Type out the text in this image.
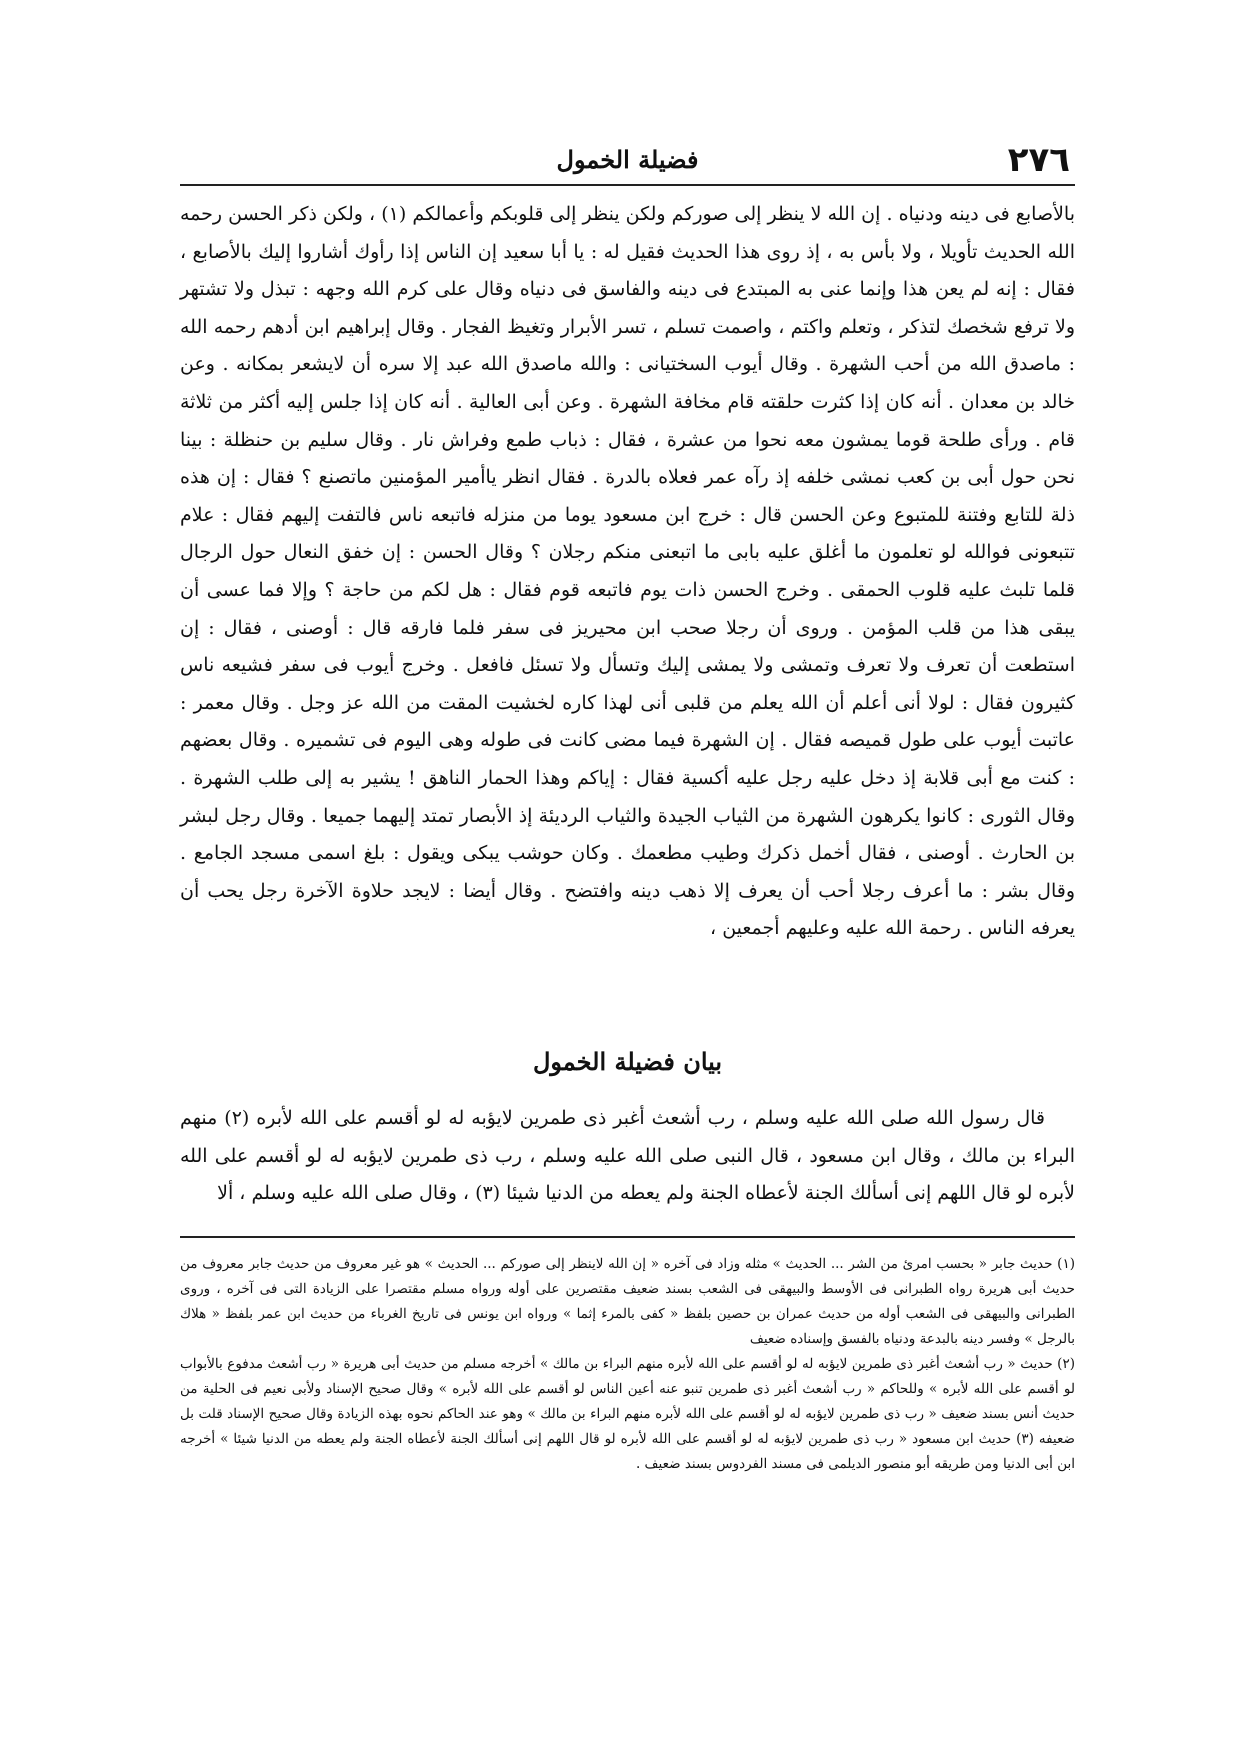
٢٧٦
فضيلة الخمول

بالأصابع فى دينه ودنياه . إن الله لا ينظر إلى صوركم ولكن ينظر إلى قلوبكم وأعمالكم (١) ، ولكن ذكر الحسن رحمه الله الحديث تأويلا ، ولا بأس به ، إذ روى هذا الحديث فقيل له : يا أبا سعيد إن الناس إذا رأوك أشاروا إليك بالأصابع ، فقال : إنه لم يعن هذا وإنما عنى به المبتدع فى دينه والفاسق فى دنياه وقال على كرم الله وجهه : تبذل ولا تشتهر ولا ترفع شخصك لتذكر ، وتعلم واكتم ، واصمت تسلم ، تسر الأبرار وتغيظ الفجار . وقال إبراهيم ابن أدهم رحمه الله : ماصدق الله من أحب الشهرة . وقال أيوب السختيانى : والله ماصدق الله عبد إلا سره أن لايشعر بمكانه . وعن خالد بن معدان . أنه كان إذا كثرت حلقته قام مخافة الشهرة . وعن أبى العالية . أنه كان إذا جلس إليه أكثر من ثلاثة قام . ورأى طلحة قوما يمشون معه نحوا من عشرة ، فقال : ذباب طمع وفراش نار . وقال سليم بن حنظلة : بينا نحن حول أبى بن كعب نمشى خلفه إذ رآه عمر فعلاه بالدرة . فقال انظر ياأمير المؤمنين ماتصنع ؟ فقال : إن هذه ذلة للتابع وفتنة للمتبوع وعن الحسن قال : خرج ابن مسعود يوما من منزله فاتبعه ناس فالتفت إليهم فقال : علام تتبعونى فوالله لو تعلمون ما أغلق عليه بابى ما اتبعنى منكم رجلان ؟ وقال الحسن : إن خفق النعال حول الرجال قلما تلبث عليه قلوب الحمقى . وخرج الحسن ذات يوم فاتبعه قوم فقال : هل لكم من حاجة ؟ وإلا فما عسى أن يبقى هذا من قلب المؤمن . وروى أن رجلا صحب ابن محيريز فى سفر فلما فارقه قال : أوصنى ، فقال : إن استطعت أن تعرف ولا تعرف وتمشى ولا يمشى إليك وتسأل ولا تسئل فافعل . وخرج أيوب فى سفر فشيعه ناس كثيرون فقال : لولا أنى أعلم أن الله يعلم من قلبى أنى لهذا كاره لخشيت المقت من الله عز وجل . وقال معمر : عاتبت أيوب على طول قميصه فقال . إن الشهرة فيما مضى كانت فى طوله وهى اليوم فى تشميره . وقال بعضهم : كنت مع أبى قلابة إذ دخل عليه رجل عليه أكسية فقال : إياكم وهذا الحمار الناهق ! يشير به إلى طلب الشهرة . وقال الثورى : كانوا يكرهون الشهرة من الثياب الجيدة والثياب الرديئة إذ الأبصار تمتد إليهما جميعا . وقال رجل لبشر بن الحارث . أوصنى ، فقال أخمل ذكرك وطيب مطعمك . وكان حوشب يبكى ويقول : بلغ اسمى مسجد الجامع . وقال بشر : ما أعرف رجلا أحب أن يعرف إلا ذهب دينه وافتضح . وقال أيضا : لايجد حلاوة الآخرة رجل يحب أن يعرفه الناس . رحمة الله عليه وعليهم أجمعين ،

بيان فضيلة الخمول

قال رسول الله صلى الله عليه وسلم ، رب أشعث أغبر ذى طمرين لايؤبه له لو أقسم على الله لأبره (٢) منهم البراء بن مالك ، وقال ابن مسعود ، قال النبى صلى الله عليه وسلم ، رب ذى طمرين لايؤبه له لو أقسم على الله لأبره لو قال اللهم إنى أسألك الجنة لأعطاه الجنة ولم يعطه من الدنيا شيئا (٣) ، وقال صلى الله عليه وسلم ، ألا

(١) حديث جابر « بحسب امرئ من الشر ... الحديث » مثله وزاد فى آخره « إن الله لاينظر إلى صوركم ... الحديث » هو غير معروف من حديث جابر معروف من حديث أبى هريرة رواه الطبرانى فى الأوسط والبيهقى فى الشعب بسند ضعيف مقتصرين على أوله ورواه مسلم مقتصرا على الزيادة التى فى آخره ، وروى الطبرانى والبيهقى فى الشعب أوله من حديث عمران بن حصين بلفظ « كفى بالمرء إثما » ورواه ابن يونس فى تاريخ الغرباء من حديث ابن عمر بلفظ « هلاك بالرجل » وفسر دينه بالبدعة ودنياه بالفسق وإسناده ضعيف

(٢) حديث « رب أشعث أغبر ذى طمرين لايؤبه له لو أقسم على الله لأبره منهم البراء بن مالك » أخرجه مسلم من حديث أبى هريرة « رب أشعث مدفوع بالأبواب لو أقسم على الله لأبره » وللحاكم « رب أشعث أغبر ذى طمرين تنبو عنه أعين الناس لو أقسم على الله لأبره » وقال صحيح الإسناد ولأبى نعيم فى الحلية من حديث أنس بسند ضعيف « رب ذى طمرين لايؤبه له لو أقسم على الله لأبره منهم البراء بن مالك » وهو عند الحاكم نحوه بهذه الزيادة وقال صحيح الإسناد قلت بل ضعيفه (٣) حديث ابن مسعود « رب ذى طمرين لايؤبه له لو أقسم على الله لأبره لو قال اللهم إنى أسألك الجنة لأعطاه الجنة ولم يعطه من الدنيا شيئا » أخرجه ابن أبى الدنيا ومن طريقه أبو منصور الديلمى فى مسند الفردوس بسند ضعيف .
